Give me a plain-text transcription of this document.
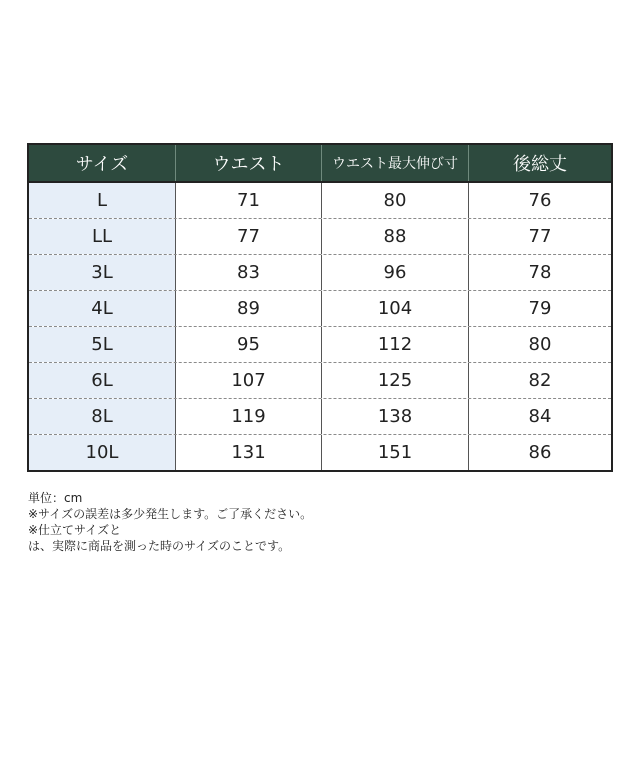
サイズ	ウエスト	ウエスト最大伸び寸	後総丈
L	71	80	76
LL	77	88	77
3L	83	96	78
4L	89	104	79
5L	95	112	80
6L	107	125	82
8L	119	138	84
10L	131	151	86
単位：cm
※サイズの誤差は多少発生します。ご了承ください。
※仕立てサイズと
は、実際に商品を測った時のサイズのことです。
